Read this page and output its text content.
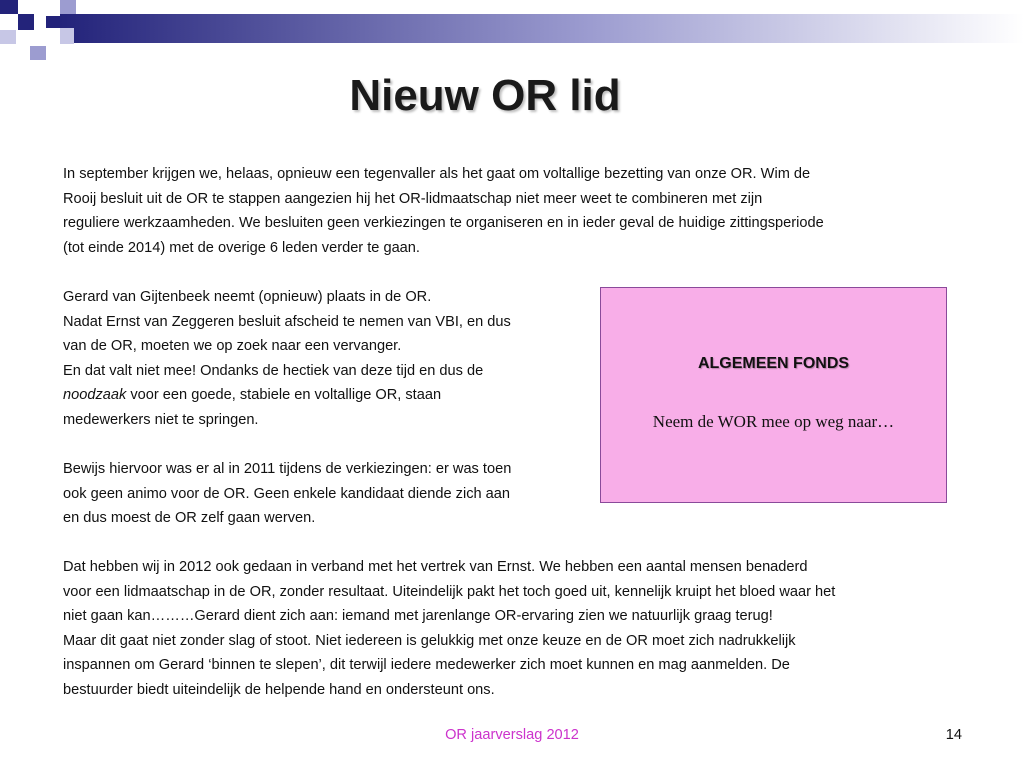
Nieuw OR lid
In september krijgen we, helaas, opnieuw een tegenvaller als het gaat om voltallige bezetting van onze OR. Wim de
Rooij besluit uit de OR te stappen aangezien hij het OR-lidmaatschap niet meer weet te combineren met zijn
reguliere werkzaamheden. We besluiten geen verkiezingen te organiseren en in ieder geval de huidige zittingsperiode
(tot einde 2014) met de overige 6 leden verder te gaan.
Gerard van Gijtenbeek neemt (opnieuw) plaats in de OR.
Nadat Ernst van Zeggeren besluit afscheid te nemen van VBI, en dus
van de OR, moeten we op zoek naar een vervanger.
En dat valt niet mee! Ondanks de hectiek van deze tijd en dus de
noodzaak voor een goede, stabiele en voltallige OR, staan
medewerkers niet te springen.
Bewijs hiervoor was er al in 2011 tijdens de verkiezingen: er was toen
ook geen animo voor de OR. Geen enkele kandidaat diende zich aan
en dus moest de OR zelf gaan werven.
Dat hebben wij in 2012 ook gedaan in verband met het vertrek van Ernst. We hebben een aantal mensen benaderd
voor een lidmaatschap in de OR, zonder resultaat. Uiteindelijk pakt het toch goed uit, kennelijk kruipt het bloed waar het
niet gaan kan………Gerard dient zich aan: iemand met jarenlange OR-ervaring zien we natuurlijk graag terug!
Maar dit gaat niet zonder slag of stoot. Niet iedereen is gelukkig met onze keuze en de OR moet zich nadrukkelijk
inspannen om Gerard ‘binnen te slepen’, dit terwijl iedere medewerker zich moet kunnen en mag aanmelden. De
bestuurder biedt uiteindelijk de helpende hand en ondersteunt ons.
ALGEMEEN FONDS
Neem de WOR mee op weg naar…
OR jaarverslag 2012	14
